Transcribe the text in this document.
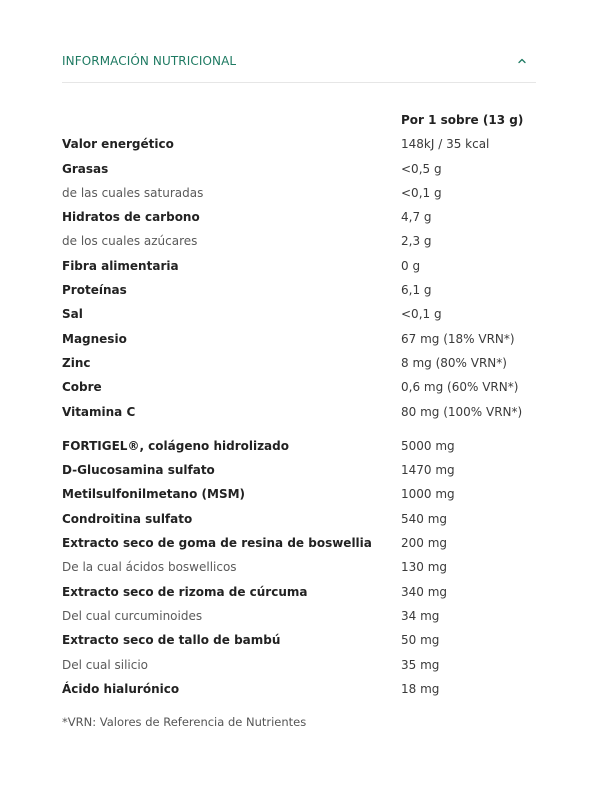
INFORMACIÓN NUTRICIONAL
Por 1 sobre (13 g)
Valor energético	148kJ / 35 kcal
Grasas	<0,5 g
de las cuales saturadas	<0,1 g
Hidratos de carbono	4,7 g
de los cuales azúcares	2,3 g
Fibra alimentaria	0 g
Proteínas	6,1 g
Sal	<0,1 g
Magnesio	67 mg (18% VRN*)
Zinc	8 mg (80% VRN*)
Cobre	0,6 mg (60% VRN*)
Vitamina C	80 mg (100% VRN*)
FORTIGEL®, colágeno hidrolizado	5000 mg
D-Glucosamina sulfato	1470 mg
Metilsulfonilmetano (MSM)	1000 mg
Condroitina sulfato	540 mg
Extracto seco de goma de resina de boswellia 200 mg
De la cual ácidos boswellicos	130 mg
Extracto seco de rizoma de cúrcuma	340 mg
Del cual curcuminoides	34 mg
Extracto seco de tallo de bambú	50 mg
Del cual silicio	35 mg
Ácido hialurónico	18 mg
*VRN: Valores de Referencia de Nutrientes
